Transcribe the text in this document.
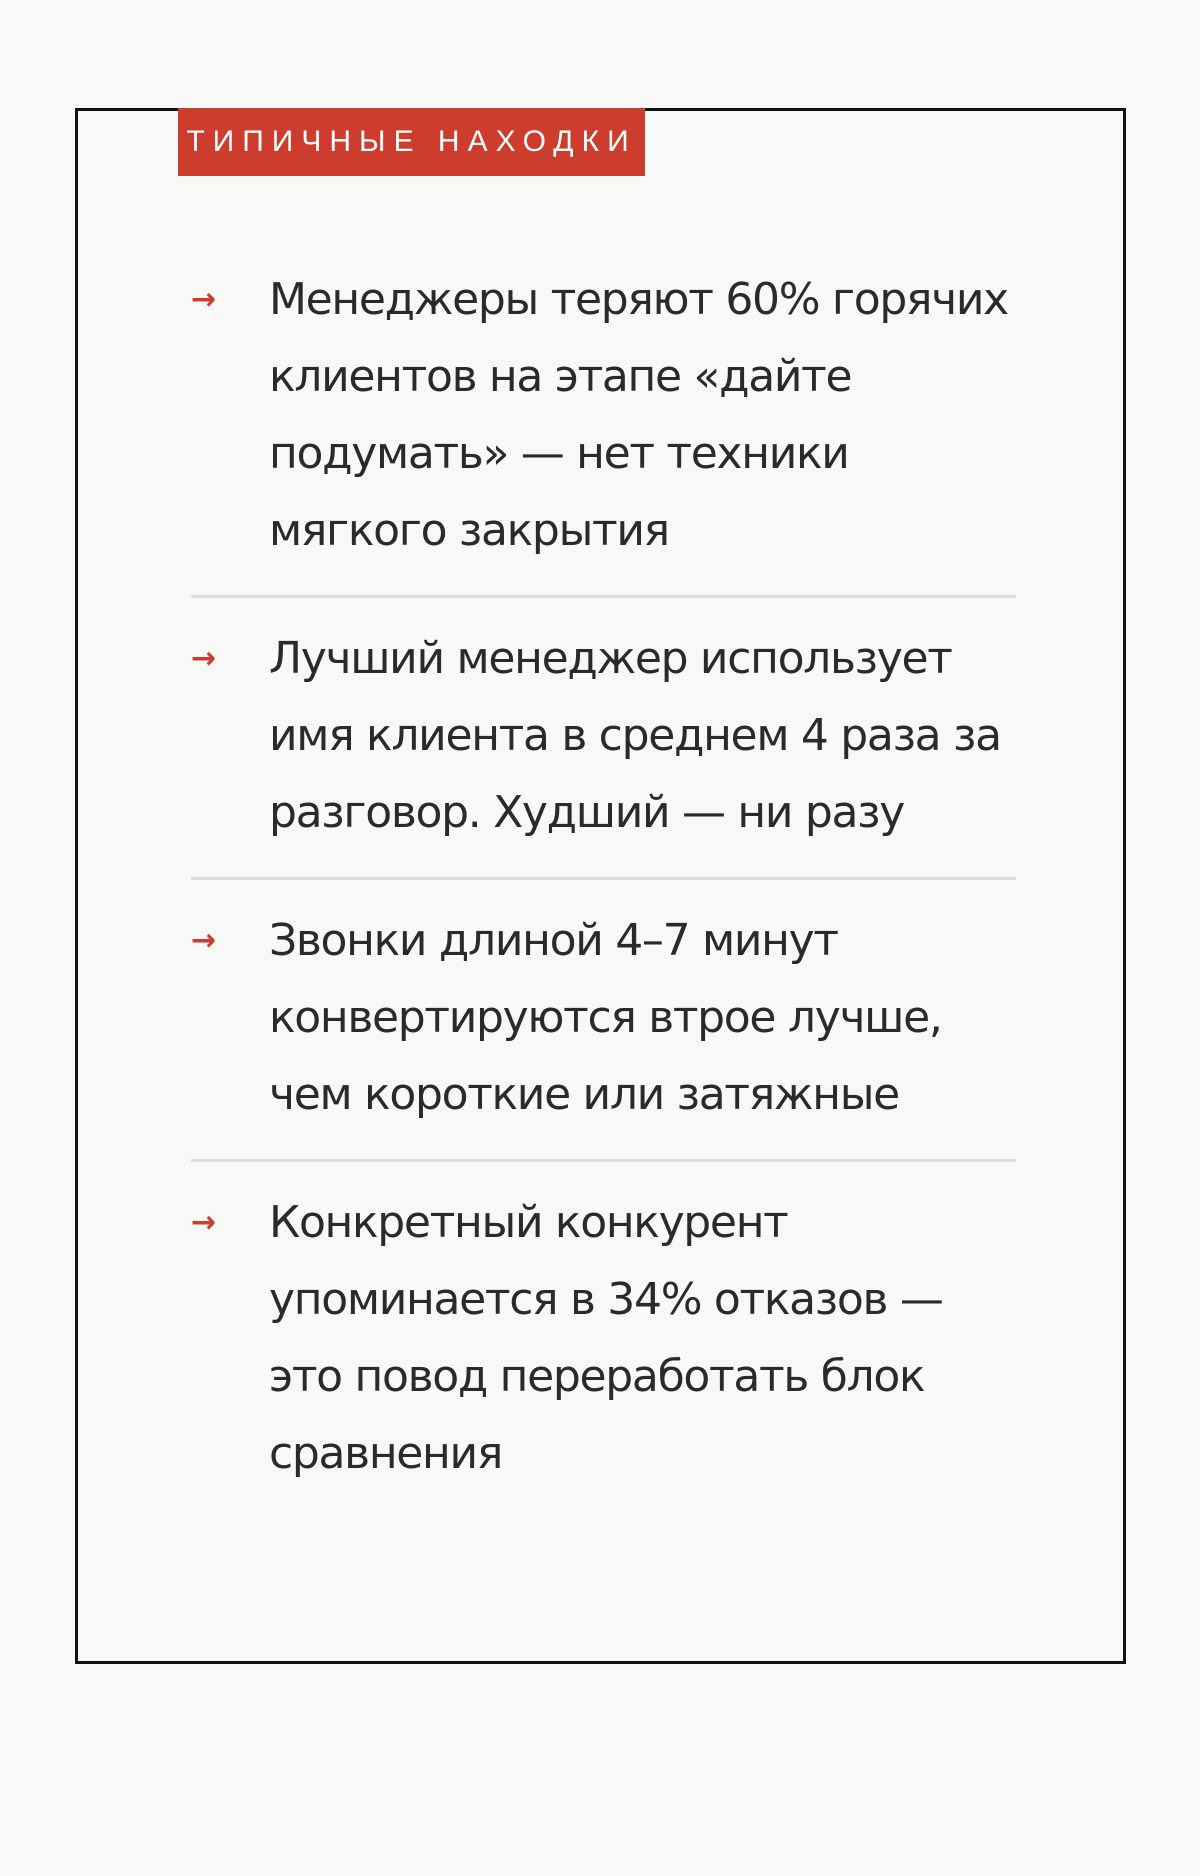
ТИПИЧНЫЕ НАХОДКИ
→	Менеджеры теряют 60% горячих клиентов на этапе «дайте подумать» — нет техники мягкого закрытия
→	Лучший менеджер использует имя клиента в среднем 4 раза за разговор. Худший — ни разу
→	Звонки длиной 4–7 минут конвертируются втрое лучше, чем короткие или затяжные
→	Конкретный конкурент упоминается в 34% отказов — это повод переработать блок сравнения
